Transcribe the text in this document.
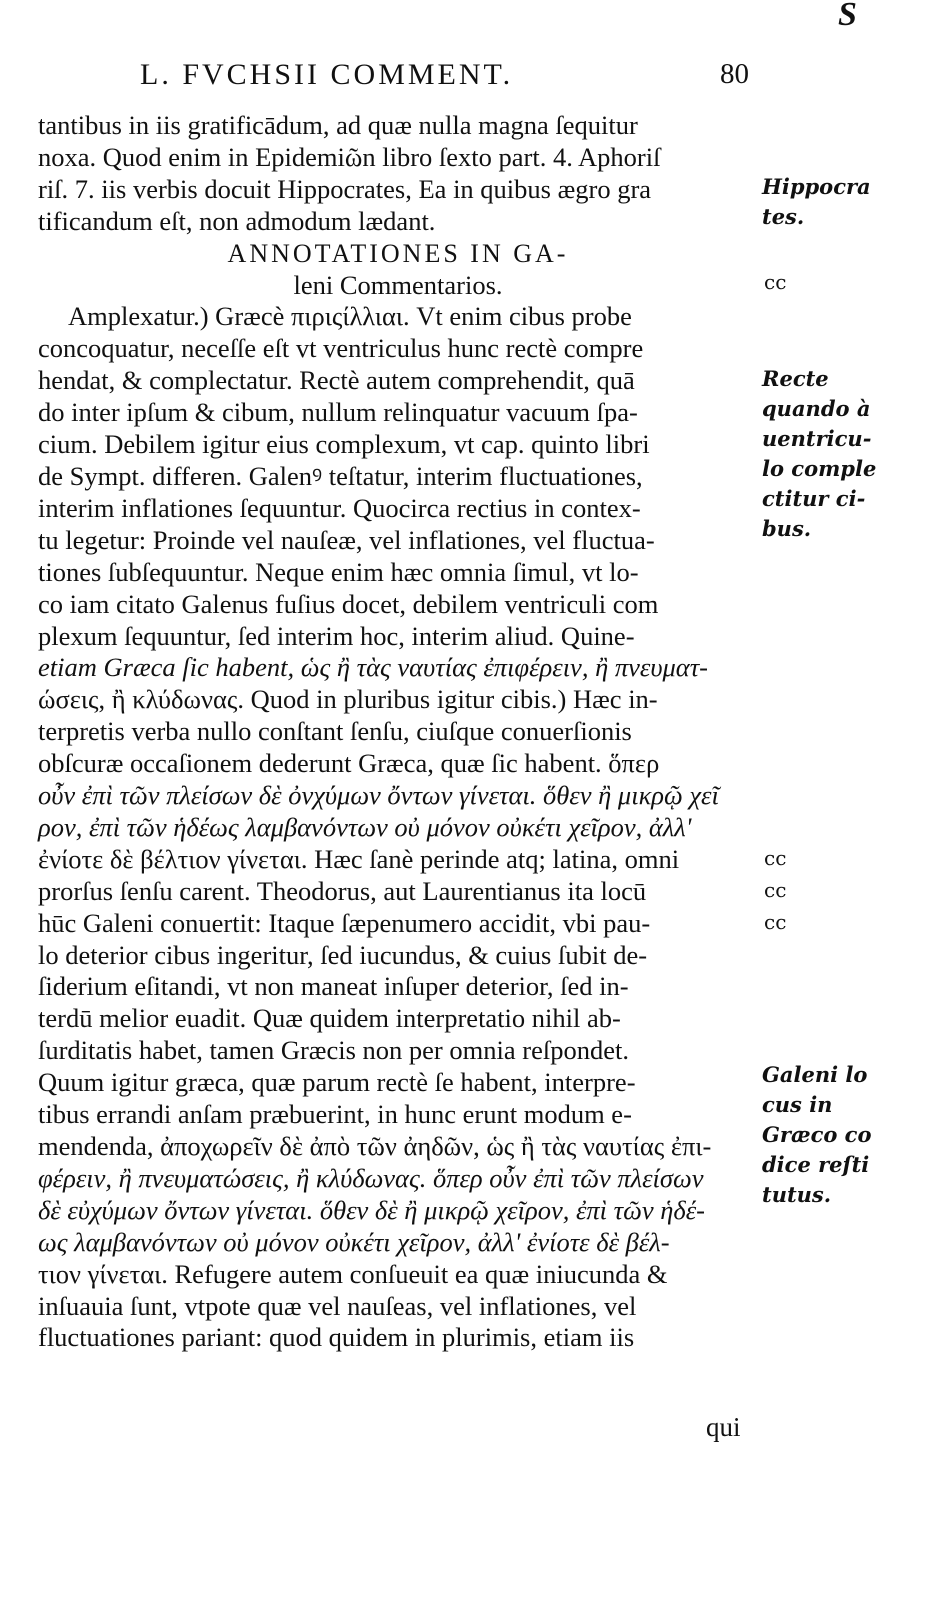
S
L. FVCHSII COMMENT.	80
tantibus in iis gratificādum, ad quæ nulla magna ſequitur
noxa. Quod enim in Epidemiῶn libro ſexto part. 4. Aphoriſ
riſ. 7. iis verbis docuit Hippocrates, Ea in quibus ægro gra
tificandum eſt, non admodum lædant.
ANNOTATIONES IN GA-
leni Commentarios.
Amplexatur.) Græcè πιριςίλλιαι. Vt enim cibus probe
concoquatur, neceſſe eſt vt ventriculus hunc rectè compre
hendat, & complectatur. Rectè autem comprehendit, quā
do inter ipſum & cibum, nullum relinquatur vacuum ſpa-
cium. Debilem igitur eius complexum, vt cap. quinto libri
de Sympt. differen. Galenꝰ teſtatur, interim fluctuationes,
interim inflationes ſequuntur. Quocirca rectius in contex-
tu legetur: Proinde vel nauſeæ, vel inflationes, vel fluctua-
tiones ſubſequuntur. Neque enim hæc omnia ſimul, vt lo-
co iam citato Galenus fuſius docet, debilem ventriculi com
plexum ſequuntur, ſed interim hoc, interim aliud. Quine-
etiam Græca ſic habent, ὡς ἢ τὰς ναυτίας ἐπιφέρειν, ἢ πνευματ-
ώσεις, ἢ κλύδωνας. Quod in pluribus igitur cibis.) Hæc in-
terpretis verba nullo conſtant ſenſu, ciuſque conuerſionis
obſcuræ occaſionem dederunt Græca, quæ ſic habent. ὅπερ
οὖν ἐπὶ τῶν πλείσων δὲ ὀνχύμων ὄντων γίνεται. ὅθεν ἢ μικρῷ χεῖ
ρον, ἐπὶ τῶν ἡδέως λαμβανόντων οὐ μόνον οὐκέτι χεῖρον, ἀλλ'
ἐνίοτε δὲ βέλτιον γίνεται. Hæc ſanè perinde atq; latina, omni
prorſus ſenſu carent. Theodorus, aut Laurentianus ita locū
hūc Galeni conuertit: Itaque ſæpenumero accidit, vbi pau-
lo deterior cibus ingeritur, ſed iucundus, & cuius ſubit de-
ſiderium eſitandi, vt non maneat inſuper deterior, ſed in-
terdū melior euadit. Quæ quidem interpretatio nihil ab-
ſurditatis habet, tamen Græcis non per omnia reſpondet.
Quum igitur græca, quæ parum rectè ſe habent, interpre-
tibus errandi anſam præbuerint, in hunc erunt modum e-
mendenda, ἀποχωρεῖν δὲ ἀπὸ τῶν ἀηδῶν, ὡς ἢ τὰς ναυτίας ἐπι-
φέρειν, ἢ πνευματώσεις, ἢ κλύδωνας. ὅπερ οὖν ἐπὶ τῶν πλείσων
δὲ εὐχύμων ὄντων γίνεται. ὅθεν δὲ ἢ μικρῷ χεῖρον, ἐπὶ τῶν ἡδέ-
ως λαμβανόντων οὐ μόνον οὐκέτι χεῖρον, ἀλλ' ἐνίοτε δὲ βέλ-
τιον γίνεται. Refugere autem conſueuit ea quæ iniucunda &
inſuauia ſunt, vtpote quæ vel nauſeas, vel inflationes, vel
fluctuationes pariant: quod quidem in plurimis, etiam iis
qui
Hippocra
tes.
Recte
quando à
uentricu-
lo comple
ctitur ci-
bus.
Galeni lo
cus in
Græco co
dice reſti
tutus.
cc
cc
cc
cc
